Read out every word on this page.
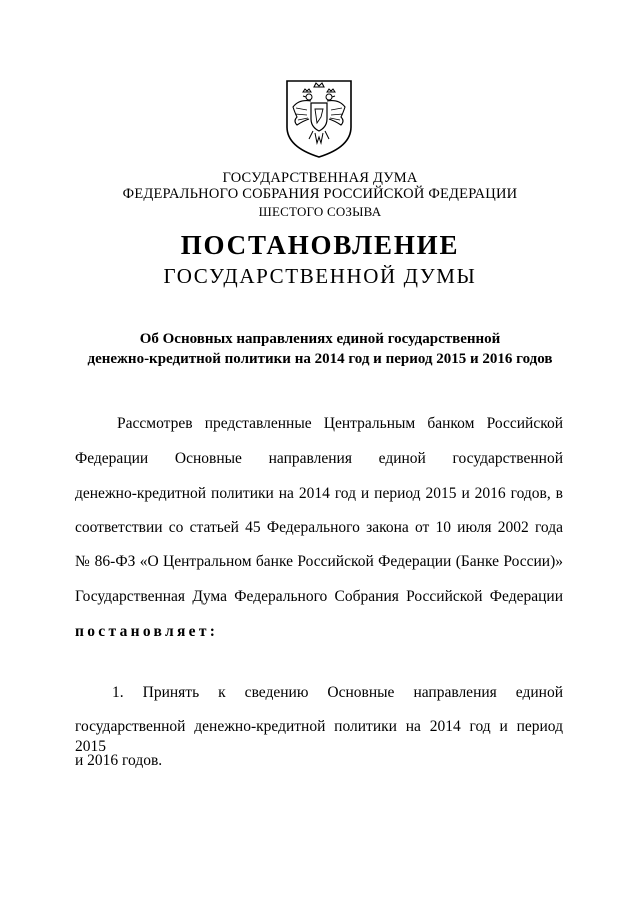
ГОСУДАРСТВЕННАЯ ДУМА
ФЕДЕРАЛЬНОГО СОБРАНИЯ РОССИЙСКОЙ ФЕДЕРАЦИИ
ШЕСТОГО СОЗЫВА
ПОСТАНОВЛЕНИЕ
ГОСУДАРСТВЕННОЙ ДУМЫ
Об Основных направлениях единой государственной
денежно-кредитной политики на 2014 год и период 2015 и 2016 годов
Рассмотрев представленные Центральным банком Российской
Федерации Основные направления единой государственной
денежно-кредитной политики на 2014 год и период 2015 и 2016 годов, в
соответствии со статьей 45 Федерального закона от 10 июля 2002 года
№ 86-ФЗ «О Центральном банке Российской Федерации (Банке России)»
Государственная Дума Федерального Собрания Российской Федерации
постановляет:
1. Принять к сведению Основные направления единой
государственной денежно-кредитной политики на 2014 год и период 2015
и 2016 годов.
